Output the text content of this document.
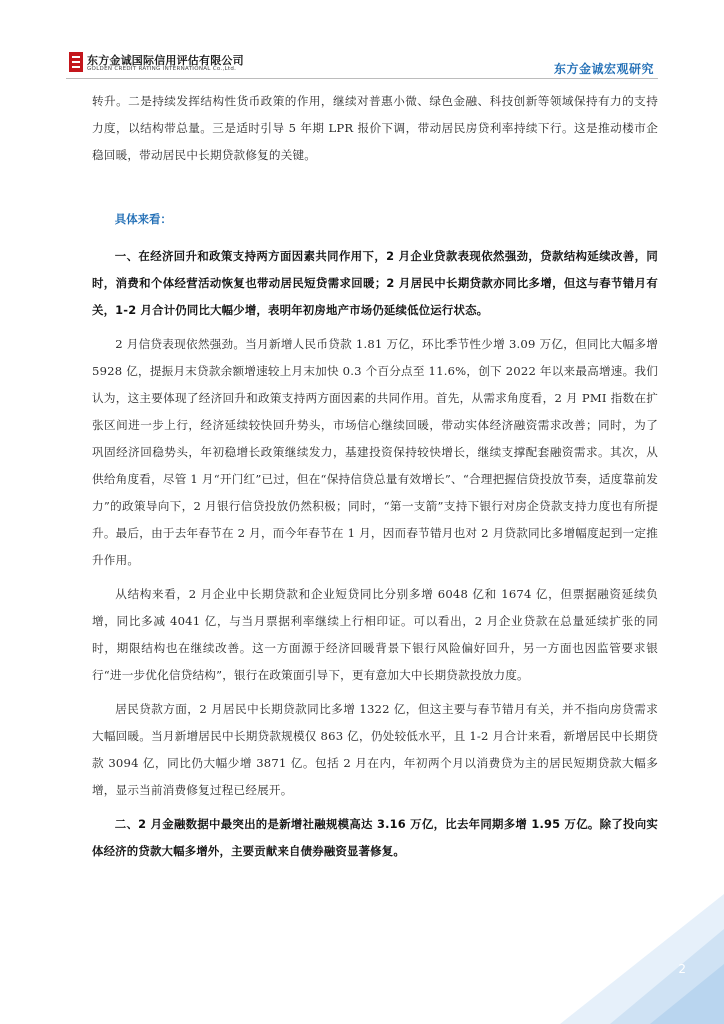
东方金诚国际信用评估有限公司
GOLDEN CREDIT RATING INTERNATIONAL Co.,Ltd.	东方金诚宏观研究

转升。二是持续发挥结构性货币政策的作用，继续对普惠小微、绿色金融、科技创新等领域保持有力的支持力度，以结构带总量。三是适时引导 5 年期 LPR 报价下调，带动居民房贷利率持续下行。这是推动楼市企稳回暖，带动居民中长期贷款修复的关键。

具体来看：

一、在经济回升和政策支持两方面因素共同作用下，2 月企业贷款表现依然强劲，贷款结构延续改善，同时，消费和个体经营活动恢复也带动居民短贷需求回暖；2 月居民中长期贷款亦同比多增，但这与春节错月有关，1-2 月合计仍同比大幅少增，表明年初房地产市场仍延续低位运行状态。

2 月信贷表现依然强劲。当月新增人民币贷款 1.81 万亿，环比季节性少增 3.09 万亿，但同比大幅多增 5928 亿，提振月末贷款余额增速较上月末加快 0.3 个百分点至 11.6%，创下 2022 年以来最高增速。我们认为，这主要体现了经济回升和政策支持两方面因素的共同作用。首先，从需求角度看，2 月 PMI 指数在扩张区间进一步上行，经济延续较快回升势头，市场信心继续回暖，带动实体经济融资需求改善；同时，为了巩固经济回稳势头，年初稳增长政策继续发力，基建投资保持较快增长，继续支撑配套融资需求。其次，从供给角度看，尽管 1 月“开门红”已过，但在“保持信贷总量有效增长”、“合理把握信贷投放节奏，适度靠前发力”的政策导向下，2 月银行信贷投放仍然积极；同时，“第一支箭”支持下银行对房企贷款支持力度也有所提升。最后，由于去年春节在 2 月，而今年春节在 1 月，因而春节错月也对 2 月贷款同比多增幅度起到一定推升作用。

从结构来看，2 月企业中长期贷款和企业短贷同比分别多增 6048 亿和 1674 亿，但票据融资延续负增，同比多减 4041 亿，与当月票据利率继续上行相印证。可以看出，2 月企业贷款在总量延续扩张的同时，期限结构也在继续改善。这一方面源于经济回暖背景下银行风险偏好回升，另一方面也因监管要求银行“进一步优化信贷结构”，银行在政策面引导下，更有意加大中长期贷款投放力度。

居民贷款方面，2 月居民中长期贷款同比多增 1322 亿，但这主要与春节错月有关，并不指向房贷需求大幅回暖。当月新增居民中长期贷款规模仅 863 亿，仍处较低水平，且 1-2 月合计来看，新增居民中长期贷款 3094 亿，同比仍大幅少增 3871 亿。包括 2 月在内，年初两个月以消费贷为主的居民短期贷款大幅多增，显示当前消费修复过程已经展开。

二、2 月金融数据中最突出的是新增社融规模高达 3.16 万亿，比去年同期多增 1.95 万亿。除了投向实体经济的贷款大幅多增外，主要贡献来自债券融资显著修复。

2
